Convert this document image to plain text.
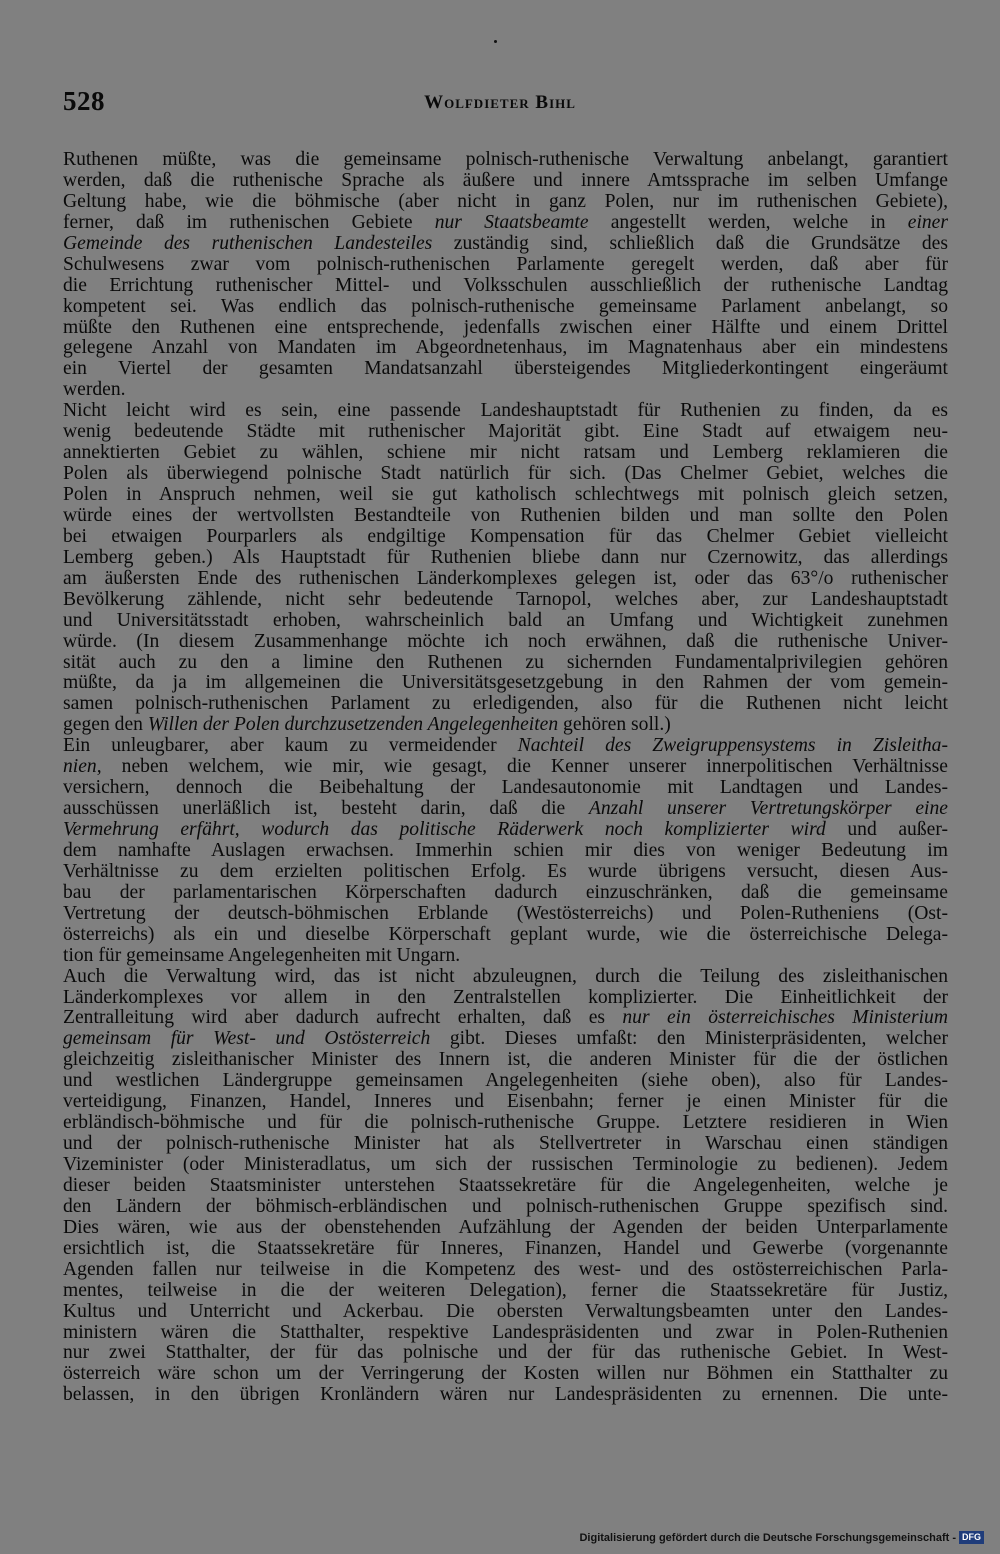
528	Wolfdieter Bihl
Ruthenen müßte, was die gemeinsame polnisch-ruthenische Verwaltung anbelangt, garantiert
werden, daß die ruthenische Sprache als äußere und innere Amtssprache im selben Umfange
Geltung habe, wie die böhmische (aber nicht in ganz Polen, nur im ruthenischen Gebiete),
ferner, daß im ruthenischen Gebiete nur Staatsbeamte angestellt werden, welche in einer
Gemeinde des ruthenischen Landesteiles zuständig sind, schließlich daß die Grundsätze des
Schulwesens zwar vom polnisch-ruthenischen Parlamente geregelt werden, daß aber für
die Errichtung ruthenischer Mittel- und Volksschulen ausschließlich der ruthenische Landtag
kompetent sei. Was endlich das polnisch-ruthenische gemeinsame Parlament anbelangt, so
müßte den Ruthenen eine entsprechende, jedenfalls zwischen einer Hälfte und einem Drittel
gelegene Anzahl von Mandaten im Abgeordnetenhaus, im Magnatenhaus aber ein mindestens
ein Viertel der gesamten Mandatsanzahl übersteigendes Mitgliederkontingent eingeräumt
werden.
Nicht leicht wird es sein, eine passende Landeshauptstadt für Ruthenien zu finden, da es
wenig bedeutende Städte mit ruthenischer Majorität gibt. Eine Stadt auf etwaigem neu-
annektierten Gebiet zu wählen, schiene mir nicht ratsam und Lemberg reklamieren die
Polen als überwiegend polnische Stadt natürlich für sich. (Das Chelmer Gebiet, welches die
Polen in Anspruch nehmen, weil sie gut katholisch schlechtwegs mit polnisch gleich setzen,
würde eines der wertvollsten Bestandteile von Ruthenien bilden und man sollte den Polen
bei etwaigen Pourparlers als endgiltige Kompensation für das Chelmer Gebiet vielleicht
Lemberg geben.) Als Hauptstadt für Ruthenien bliebe dann nur Czernowitz, das allerdings
am äußersten Ende des ruthenischen Länderkomplexes gelegen ist, oder das 63°/o ruthenischer
Bevölkerung zählende, nicht sehr bedeutende Tarnopol, welches aber, zur Landeshauptstadt
und Universitätsstadt erhoben, wahrscheinlich bald an Umfang und Wichtigkeit zunehmen
würde. (In diesem Zusammenhange möchte ich noch erwähnen, daß die ruthenische Univer-
sität auch zu den a limine den Ruthenen zu sichernden Fundamentalprivilegien gehören
müßte, da ja im allgemeinen die Universitätsgesetzgebung in den Rahmen der vom gemein-
samen polnisch-ruthenischen Parlament zu erledigenden, also für die Ruthenen nicht leicht
gegen den Willen der Polen durchzusetzenden Angelegenheiten gehören soll.)
Ein unleugbarer, aber kaum zu vermeidender Nachteil des Zweigruppensystems in Zisleitha-
nien, neben welchem, wie mir, wie gesagt, die Kenner unserer innerpolitischen Verhältnisse
versichern, dennoch die Beibehaltung der Landesautonomie mit Landtagen und Landes-
ausschüssen unerläßlich ist, besteht darin, daß die Anzahl unserer Vertretungskörper eine
Vermehrung erfährt, wodurch das politische Räderwerk noch komplizierter wird und außer-
dem namhafte Auslagen erwachsen. Immerhin schien mir dies von weniger Bedeutung im
Verhältnisse zu dem erzielten politischen Erfolg. Es wurde übrigens versucht, diesen Aus-
bau der parlamentarischen Körperschaften dadurch einzuschränken, daß die gemeinsame
Vertretung der deutsch-böhmischen Erblande (Westösterreichs) und Polen-Rutheniens (Ost-
österreichs) als ein und dieselbe Körperschaft geplant wurde, wie die österreichische Delega-
tion für gemeinsame Angelegenheiten mit Ungarn.
Auch die Verwaltung wird, das ist nicht abzuleugnen, durch die Teilung des zisleithanischen
Länderkomplexes vor allem in den Zentralstellen komplizierter. Die Einheitlichkeit der
Zentralleitung wird aber dadurch aufrecht erhalten, daß es nur ein österreichisches Ministerium
gemeinsam für West- und Ostösterreich gibt. Dieses umfaßt: den Ministerpräsidenten, welcher
gleichzeitig zisleithanischer Minister des Innern ist, die anderen Minister für die der östlichen
und westlichen Ländergruppe gemeinsamen Angelegenheiten (siehe oben), also für Landes-
verteidigung, Finanzen, Handel, Inneres und Eisenbahn; ferner je einen Minister für die
erbländisch-böhmische und für die polnisch-ruthenische Gruppe. Letztere residieren in Wien
und der polnisch-ruthenische Minister hat als Stellvertreter in Warschau einen ständigen
Vizeminister (oder Ministeradlatus, um sich der russischen Terminologie zu bedienen). Jedem
dieser beiden Staatsminister unterstehen Staatssekretäre für die Angelegenheiten, welche je
den Ländern der böhmisch-erbländischen und polnisch-ruthenischen Gruppe spezifisch sind.
Dies wären, wie aus der obenstehenden Aufzählung der Agenden der beiden Unterparlamente
ersichtlich ist, die Staatssekretäre für Inneres, Finanzen, Handel und Gewerbe (vorgenannte
Agenden fallen nur teilweise in die Kompetenz des west- und des ostösterreichischen Parla-
mentes, teilweise in die der weiteren Delegation), ferner die Staatssekretäre für Justiz,
Kultus und Unterricht und Ackerbau. Die obersten Verwaltungsbeamten unter den Landes-
ministern wären die Statthalter, respektive Landespräsidenten und zwar in Polen-Ruthenien
nur zwei Statthalter, der für das polnische und der für das ruthenische Gebiet. In West-
österreich wäre schon um der Verringerung der Kosten willen nur Böhmen ein Statthalter zu
belassen, in den übrigen Kronländern wären nur Landespräsidenten zu ernennen. Die unte-
Digitalisierung gefördert durch die Deutsche Forschungsgemeinschaft - DFG
